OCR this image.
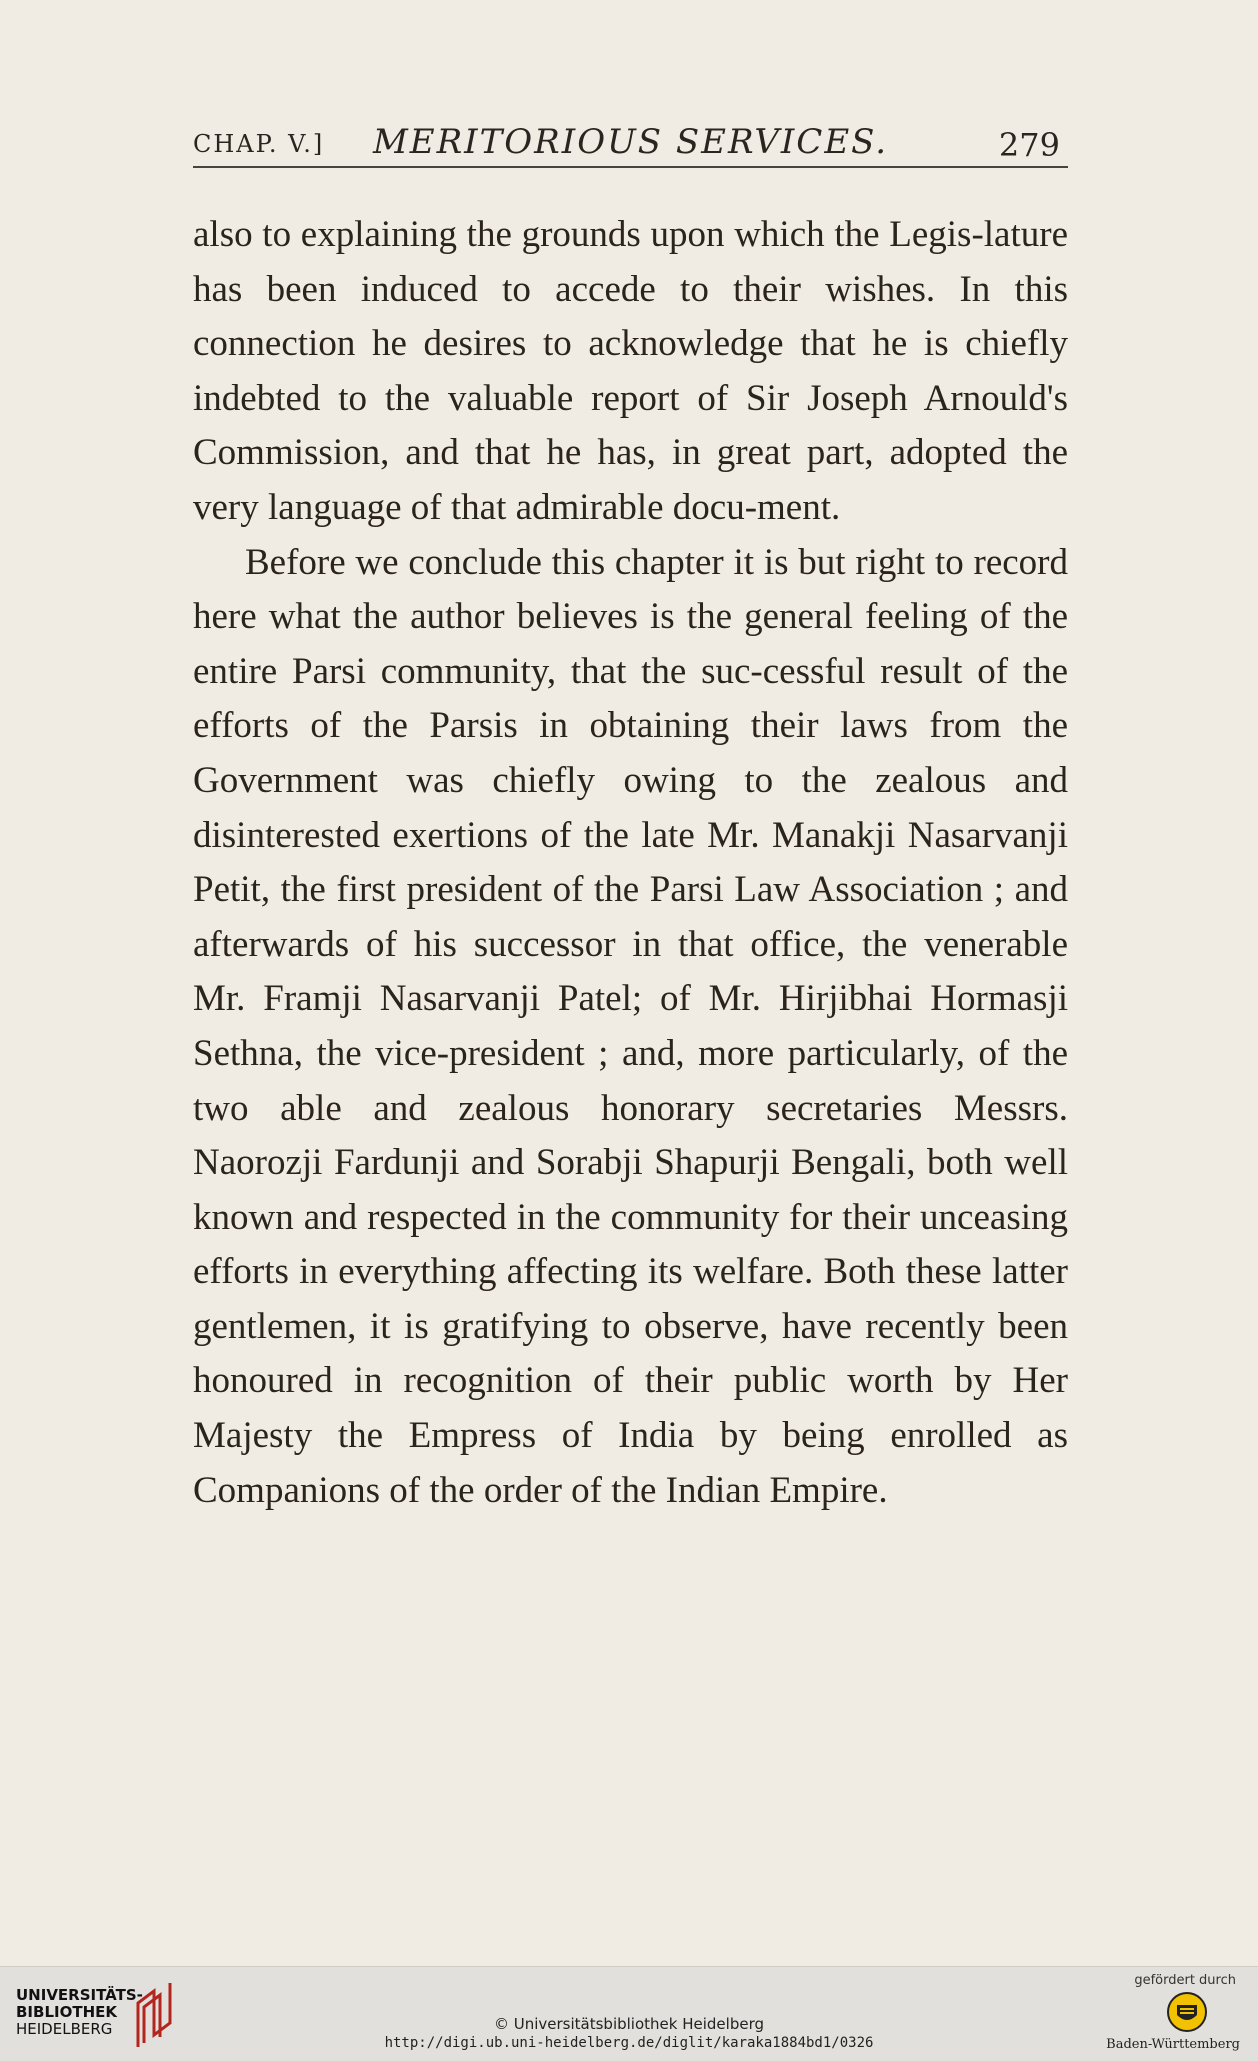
CHAP. V.]	MERITORIOUS SERVICES.	279

also to explaining the grounds upon which the Legis-lature has been induced to accede to their wishes. In this connection he desires to acknowledge that he is chiefly indebted to the valuable report of Sir Joseph Arnould's Commission, and that he has, in great part, adopted the very language of that admirable docu-ment.

Before we conclude this chapter it is but right to record here what the author believes is the general feeling of the entire Parsi community, that the suc-cessful result of the efforts of the Parsis in obtaining their laws from the Government was chiefly owing to the zealous and disinterested exertions of the late Mr. Manakji Nasarvanji Petit, the first president of the Parsi Law Association ; and afterwards of his successor in that office, the venerable Mr. Framji Nasarvanji Patel; of Mr. Hirjibhai Hormasji Sethna, the vice-president ; and, more particularly, of the two able and zealous honorary secretaries Messrs. Naorozji Fardunji and Sorabji Shapurji Bengali, both well known and respected in the community for their unceasing efforts in everything affecting its welfare. Both these latter gentlemen, it is gratifying to observe, have recently been honoured in recognition of their public worth by Her Majesty the Empress of India by being enrolled as Companions of the order of the Indian Empire.

UNIVERSITÄTS-
BIBLIOTHEK
HEIDELBERG	© Universitätsbibliothek Heidelberg
http://digi.ub.uni-heidelberg.de/diglit/karaka1884bd1/0326
gefördert durch
Baden-Württemberg
